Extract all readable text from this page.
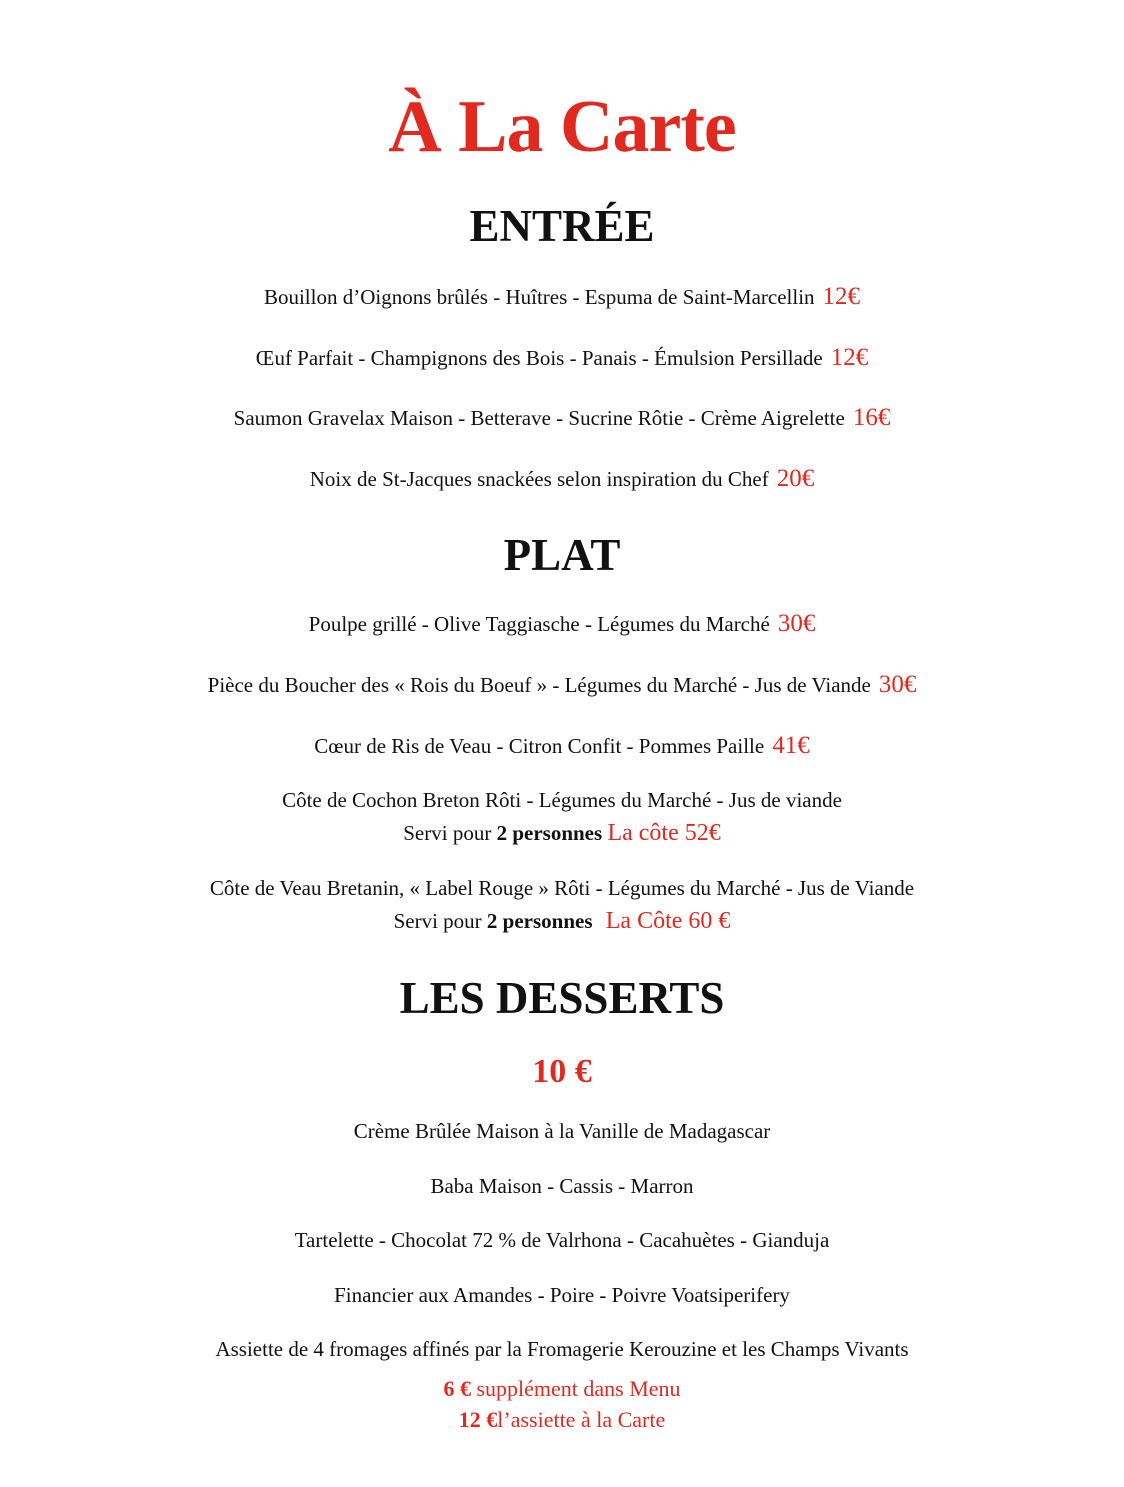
À La Carte
ENTRÉE
Bouillon d’Oignons brûlés - Huîtres - Espuma de Saint-Marcellin 12€
Œuf Parfait - Champignons des Bois - Panais - Émulsion Persillade 12€
Saumon Gravelax Maison - Betterave - Sucrine Rôtie - Crème Aigrelette 16€
Noix de St-Jacques snackées selon inspiration du Chef 20€
PLAT
Poulpe grillé - Olive Taggiasche - Légumes du Marché 30€
Pièce du Boucher des « Rois du Boeuf » - Légumes du Marché - Jus de Viande 30€
Cœur de Ris de Veau - Citron Confit - Pommes Paille 41€
Côte de Cochon Breton Rôti - Légumes du Marché - Jus de viande
Servi pour 2 personnes La côte 52€
Côte de Veau Bretanin, « Label Rouge » Rôti - Légumes du Marché - Jus de Viande
Servi pour 2 personnes La Côte 60 €
LES DESSERTS
10 €
Crème Brûlée Maison à la Vanille de Madagascar
Baba Maison - Cassis - Marron
Tartelette - Chocolat 72 % de Valrhona - Cacahuètes - Gianduja
Financier aux Amandes - Poire - Poivre Voatsiperifery
Assiette de 4 fromages affinés par la Fromagerie Kerouzine et les Champs Vivants
6 € supplément dans Menu
12 €l’assiette à la Carte
